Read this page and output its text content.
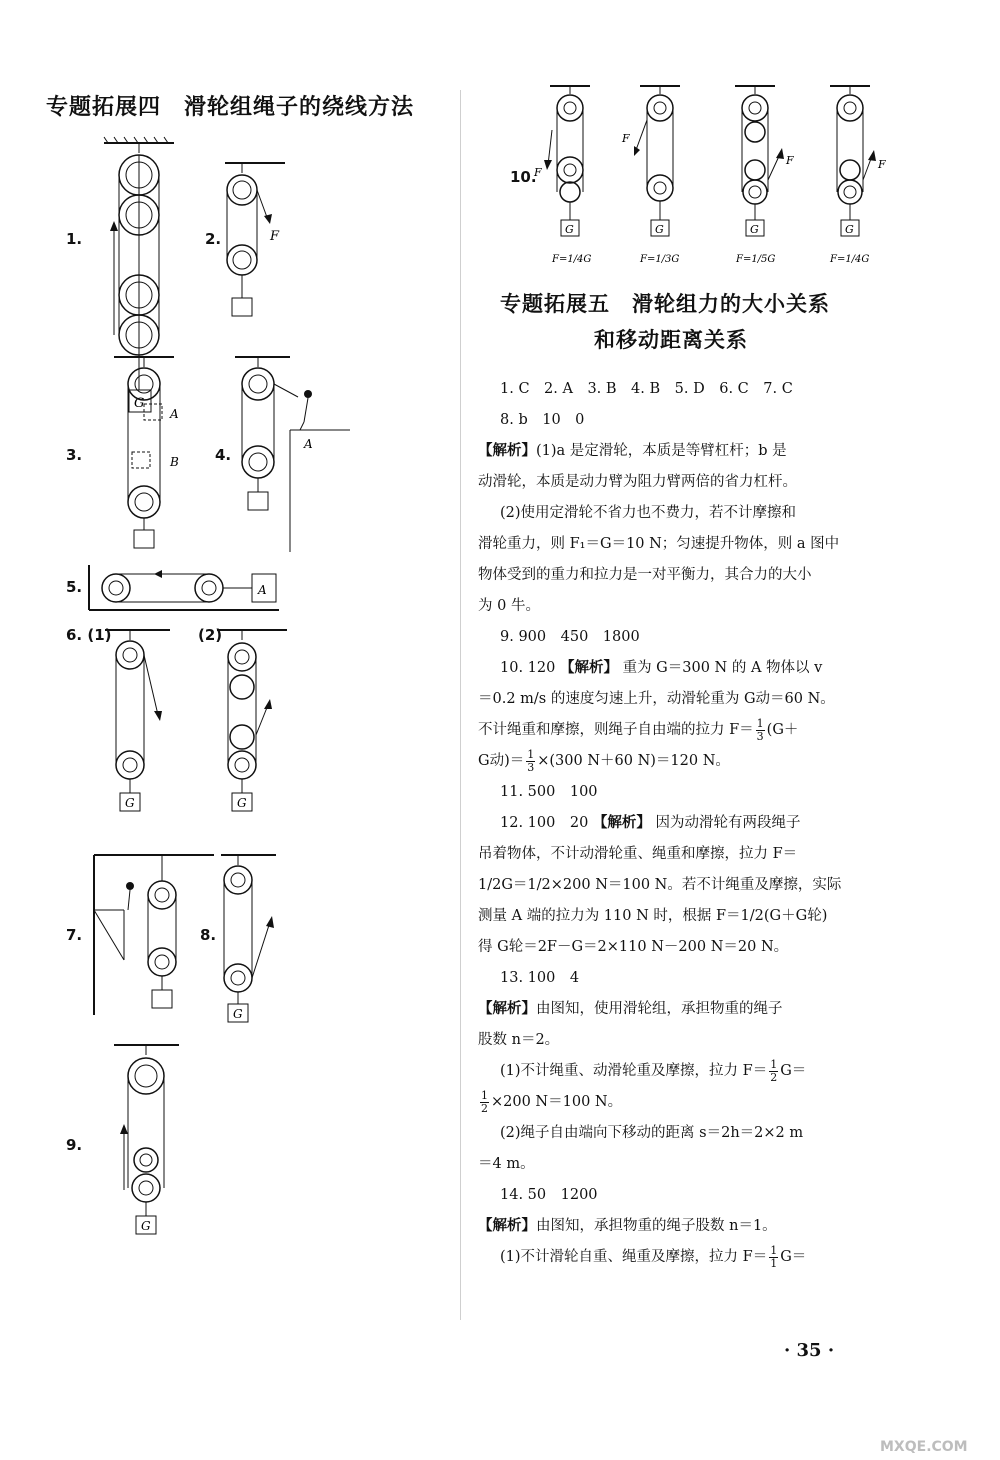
专题拓展四　滑轮组绳子的绕线方法
1.
G
2.	F
3.
A
B 4.
A
5.	A
6. (1)
G
(2)
G
7.	8.
G
9.
G
10.
G
F
F
G
F
G
F
G
F=1/4G	F=1/3G	F=1/5G	F=1/4G
专题拓展五　滑轮组力的大小关系
和移动距离关系

1. C　2. A　3. B　4. B　5. D　6. C　7. C

8. b　10　0

【解析】(1)a 是定滑轮，本质是等臂杠杆；b 是

动滑轮，本质是动力臂为阻力臂两倍的省力杠杆。

(2)使用定滑轮不省力也不费力，若不计摩擦和

滑轮重力，则 F₁＝G＝10 N；匀速提升物体，则 a 图中

物体受到的重力和拉力是一对平衡力，其合力的大小

为 0 牛。

9. 900　450　1800

10. 120 【解析】 重为 G＝300 N 的 A 物体以 v

＝0.2 m/s 的速度匀速上升，动滑轮重为 G动＝60 N。

不计绳重和摩擦，则绳子自由端的拉力 $F= \frac{1}{3} (G+$

G动)＝ $\frac{1}{3} \times(300$ N＋60 N)＝120 N。

11. 500　100

12. 100　20 【解析】 因为动滑轮有两段绳子

吊着物体，不计动滑轮重、绳重和摩擦，拉力 F＝

1/2G＝1/2×200 N＝100 N。若不计绳重及摩擦，实际

测量 A 端的拉力为 110 N 时，根据 F＝1/2(G＋G轮)

得 G轮＝2F－G＝2×110 N－200 N＝20 N。

13. 100　4

【解析】由图知，使用滑轮组，承担物重的绳子

股数 n＝2。

(1)不计绳重、动滑轮重及摩擦，拉力 $F= \frac{1}{2} G=$

$\frac{1}{2} \times 200$ N＝100 N。

(2)绳子自由端向下移动的距离 s＝2h＝2×2 m

＝4 m。

14. 50　1200

【解析】由图知，承担物重的绳子股数 n＝1。

(1)不计滑轮自重、绳重及摩擦，拉力 $F= \frac{1}{1} G=$

· 35 ·
MXQE.COM
